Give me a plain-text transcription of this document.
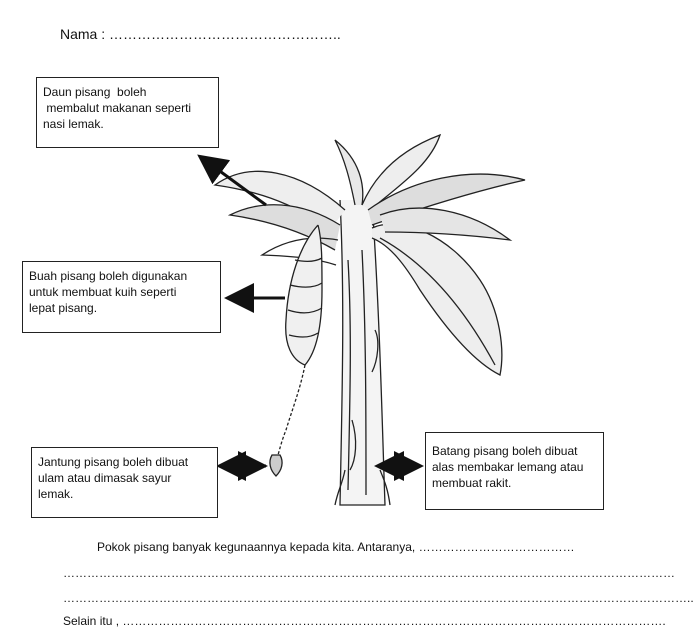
Nama : …………………………………………..
Daun pisang  boleh
membalut makanan seperti
nasi lemak.
Buah pisang boleh digunakan
untuk membuat kuih seperti
lepat pisang.
Jantung pisang boleh dibuat
ulam atau dimasak sayur
lemak.
Batang pisang boleh dibuat
alas membakar lemang atau
membuat rakit.
Pokok pisang banyak kegunaannya kepada kita. Antaranya, …………………………………
………………………………………………………………………………………………………………………………………
…………………………………………………………………………………………………………………………………………..
Selain itu , ……………………………………………………………………………………………………………………….
